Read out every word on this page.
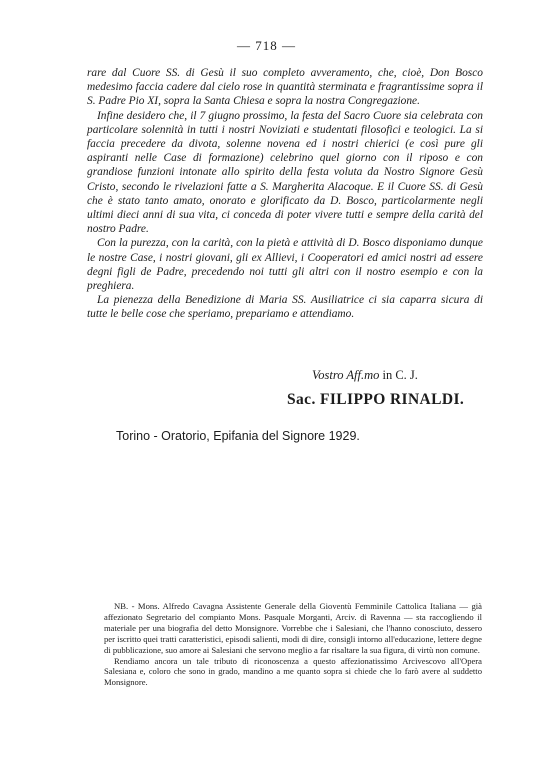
— 718 —

rare dal Cuore SS. di Gesù il suo completo avveramento, che, cioè, Don Bosco medesimo faccia cadere dal cielo rose in quantità sterminata e fragrantissime sopra il S. Padre Pio XI, sopra la Santa Chiesa e sopra la nostra Congregazione.

Infine desidero che, il 7 giugno prossimo, la festa del Sacro Cuore sia celebrata con particolare solennità in tutti i nostri Noviziati e studentati filosofici e teologici. La si faccia precedere da divota, solenne novena ed i nostri chierici (e così pure gli aspiranti nelle Case di formazione) celebrino quel giorno con il riposo e con grandiose funzioni intonate allo spirito della festa voluta da Nostro Signore Gesù Cristo, secondo le rivelazioni fatte a S. Margherita Alacoque. E il Cuore SS. di Gesù che è stato tanto amato, onorato e glorificato da D. Bosco, particolarmente negli ultimi dieci anni di sua vita, ci conceda di poter vivere tutti e sempre della carità del nostro Padre.

Con la purezza, con la carità, con la pietà e attività di D. Bosco disponiamo dunque le nostre Case, i nostri giovani, gli ex Allievi, i Cooperatori ed amici nostri ad essere degni figli de Padre, precedendo noi tutti gli altri con il nostro esempio e con la preghiera.

La pienezza della Benedizione di Maria SS. Ausiliatrice ci sia caparra sicura di tutte le belle cose che speriamo, prepariamo e attendiamo.

Vostro Aff.mo in C. J.
Sac. FILIPPO RINALDI.
Torino - Oratorio, Epifania del Signore 1929.

NB. - Mons. Alfredo Cavagna Assistente Generale della Gioventù Femminile Cattolica Italiana — già affezionato Segretario del compianto Mons. Pasquale Morganti, Arciv. di Ravenna — sta raccogliendo il materiale per una biografia del detto Monsignore. Vorrebbe che i Salesiani, che l'hanno conosciuto, dessero per iscritto quei tratti caratteristici, episodi salienti, modi di dire, consigli intorno all'educazione, lettere degne di pubblicazione, suo amore ai Salesiani che servono meglio a far risaltare la sua figura, di virtù non comune.

Rendiamo ancora un tale tributo di riconoscenza a questo affezionatissimo Arcivescovo all'Opera Salesiana e, coloro che sono in grado, mandino a me quanto sopra si chiede che lo farò avere al suddetto Monsignore.
